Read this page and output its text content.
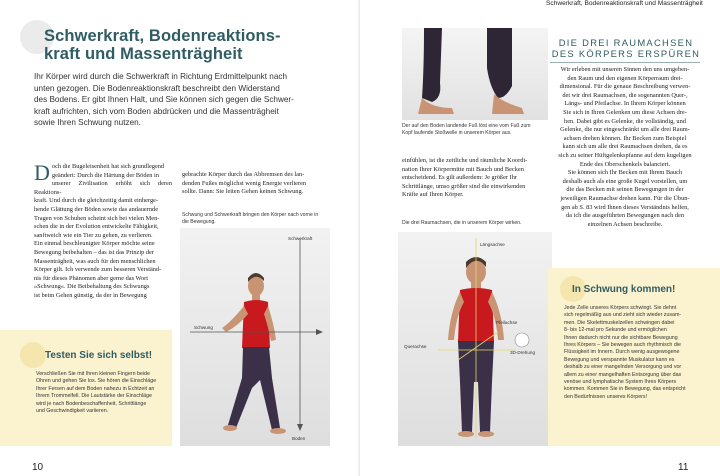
Schwerkraft, Bodenreaktions-
kraft und Massenträgheit
Ihr Körper wird durch die Schwerkraft in Richtung Erdmittelpunkt nach
unten gezogen. Die Bodenreaktionskraft beschreibt den Widerstand
des Bodens. Er gibt Ihnen Halt, und Sie können sich gegen die Schwer-
kraft aufrichten, sich vom Boden abdrücken und die Massenträgheit
sowie Ihren Schwung nutzen.
D och die Bugeleisenheit hat sich grundlegend
geändert: Durch die Härtung der Böden in
unserer Zivilisation erhöht sich deren Reaktions-
kraft. Und durch die gleichzeitig damit einherge-
hende Glättung der Böden sowie das andauernde
Tragen von Schuhen scheint sich bei vielen Men-
schen die in der Evolution entwickelte Fähigkeit,
sanftweich wie ein Tier zu gehen, zu verlieren.
Ein einmal beschleunigter Körper möchte seine
Bewegung beibehalten – das ist das Prinzip der
Massenträgheit, was auch für den menschlichen
Körper gilt. Ich verwende zum besseren Verständ-
nis für dieses Phänomen aber gerne das Wort
»Schwung«. Die Beibehaltung des Schwungs
ist beim Gehen günstig, da der in Bewegung
gebrachte Körper durch das Abbremsen des lan-
denden Fußes möglichst wenig Energie verlieren
sollte. Dann: Sie leiten Gehen keinen Schwung.
Schwung und Schwerkraft bringen den Körper nach vorne in
die Bewegung.
Schwerkraft
Schwung
Boden
Testen Sie sich selbst!
Verschließen Sie mit Ihren kleinen Fingern beide
Ohren und gehen Sie los. Sie hören die Einschläge
Ihrer Fersen auf dem Boden nahezu in Echtzeit an
Ihrem Trommelfell. Die Lautstärke der Einschläge
wird je nach Bodenbeschaffenheit, Schrittlänge
und Geschwindigkeit variieren.
10
Schwerkraft, Bodenreaktionskraft und Massenträgheit
Der auf den Boden landende Fuß löst eine vom Fuß zum
Kopf laufende Stoßwelle in unserem Körper aus.
einfühlen, ist die zeitliche und räumliche Koordi-
nation Ihrer Körpermitte mit Bauch und Becken
entscheidend. Es gilt außerdem: Je größer Ihr
Schrittlänge, umso größer sind die einwirkenden
Kräfte auf Ihren Körper.
Die drei Raumachsen, die in unserem Körper wirken.
Pfeilachse
Querachse
3D-Drehung
Längsachse
DIE DREI RAUMACHSEN
DES KÖRPERS ERSPÜREN
Wir erleben mit unseren Sinnen den uns umgeben-
den Raum und den eigenen Körperraum drei-
dimensional. Für die genaue Beschreibung verwen-
det wir drei Raumachsen, die sogenannten Quer-,
Längs- und Pfeilachse. In Ihrem Körper können
Sie sich in Ihren Gelenken um diese Achsen dre-
hen. Dabei gibt es Gelenke, die vollständig, und
Gelenke, die nur eingeschränkt um alle drei Raum-
achsen drehen können. Ihr Becken zum Beispiel
kann sich um alle drei Raumachsen drehen, da es
sich zu seiner Hüftgelenkspfanne auf dem kugeligen
Ende des Oberschenkels balanciert.
Sie können sich Ihr Becken mit Ihrem Bauch
deshalb auch als eine große Kugel vorstellen, um
die das Becken mit seinen Bewegungen in der
jeweiligen Raumachse drehen kann. Für die Übun-
gen ab S. 83 wird Ihnen dieses Verständnis helfen,
da ich die ausgeführten Bewegungen nach den
einzelnen Achsen beschreibe.
In Schwung kommen!
Jede Zelle unseres Körpers schwingt. Sie dehnt
sich regelmäßig aus und zieht sich wieder zusam-
men. Die Skelettmuskelzellen schwingen dabei
8- bis 12-mal pro Sekunde und ermöglichen
Ihnen dadurch nicht nur die sichtbare Bewegung
Ihres Körpers – Sie bewegen auch rhythmisch die
Flüssigkeit im Innern. Durch wenig ausgewogene
Bewegung und verspannte Muskulatur kann es
deshalb zu einer mangelnden Versorgung und vor
allem zu einer mangelhaften Entsorgung über das
venöse und lymphatische System Ihres Körpers
kommen. Kommen Sie in Bewegung, das entspricht
den Bedürfnissen unseres Körpers!
11
